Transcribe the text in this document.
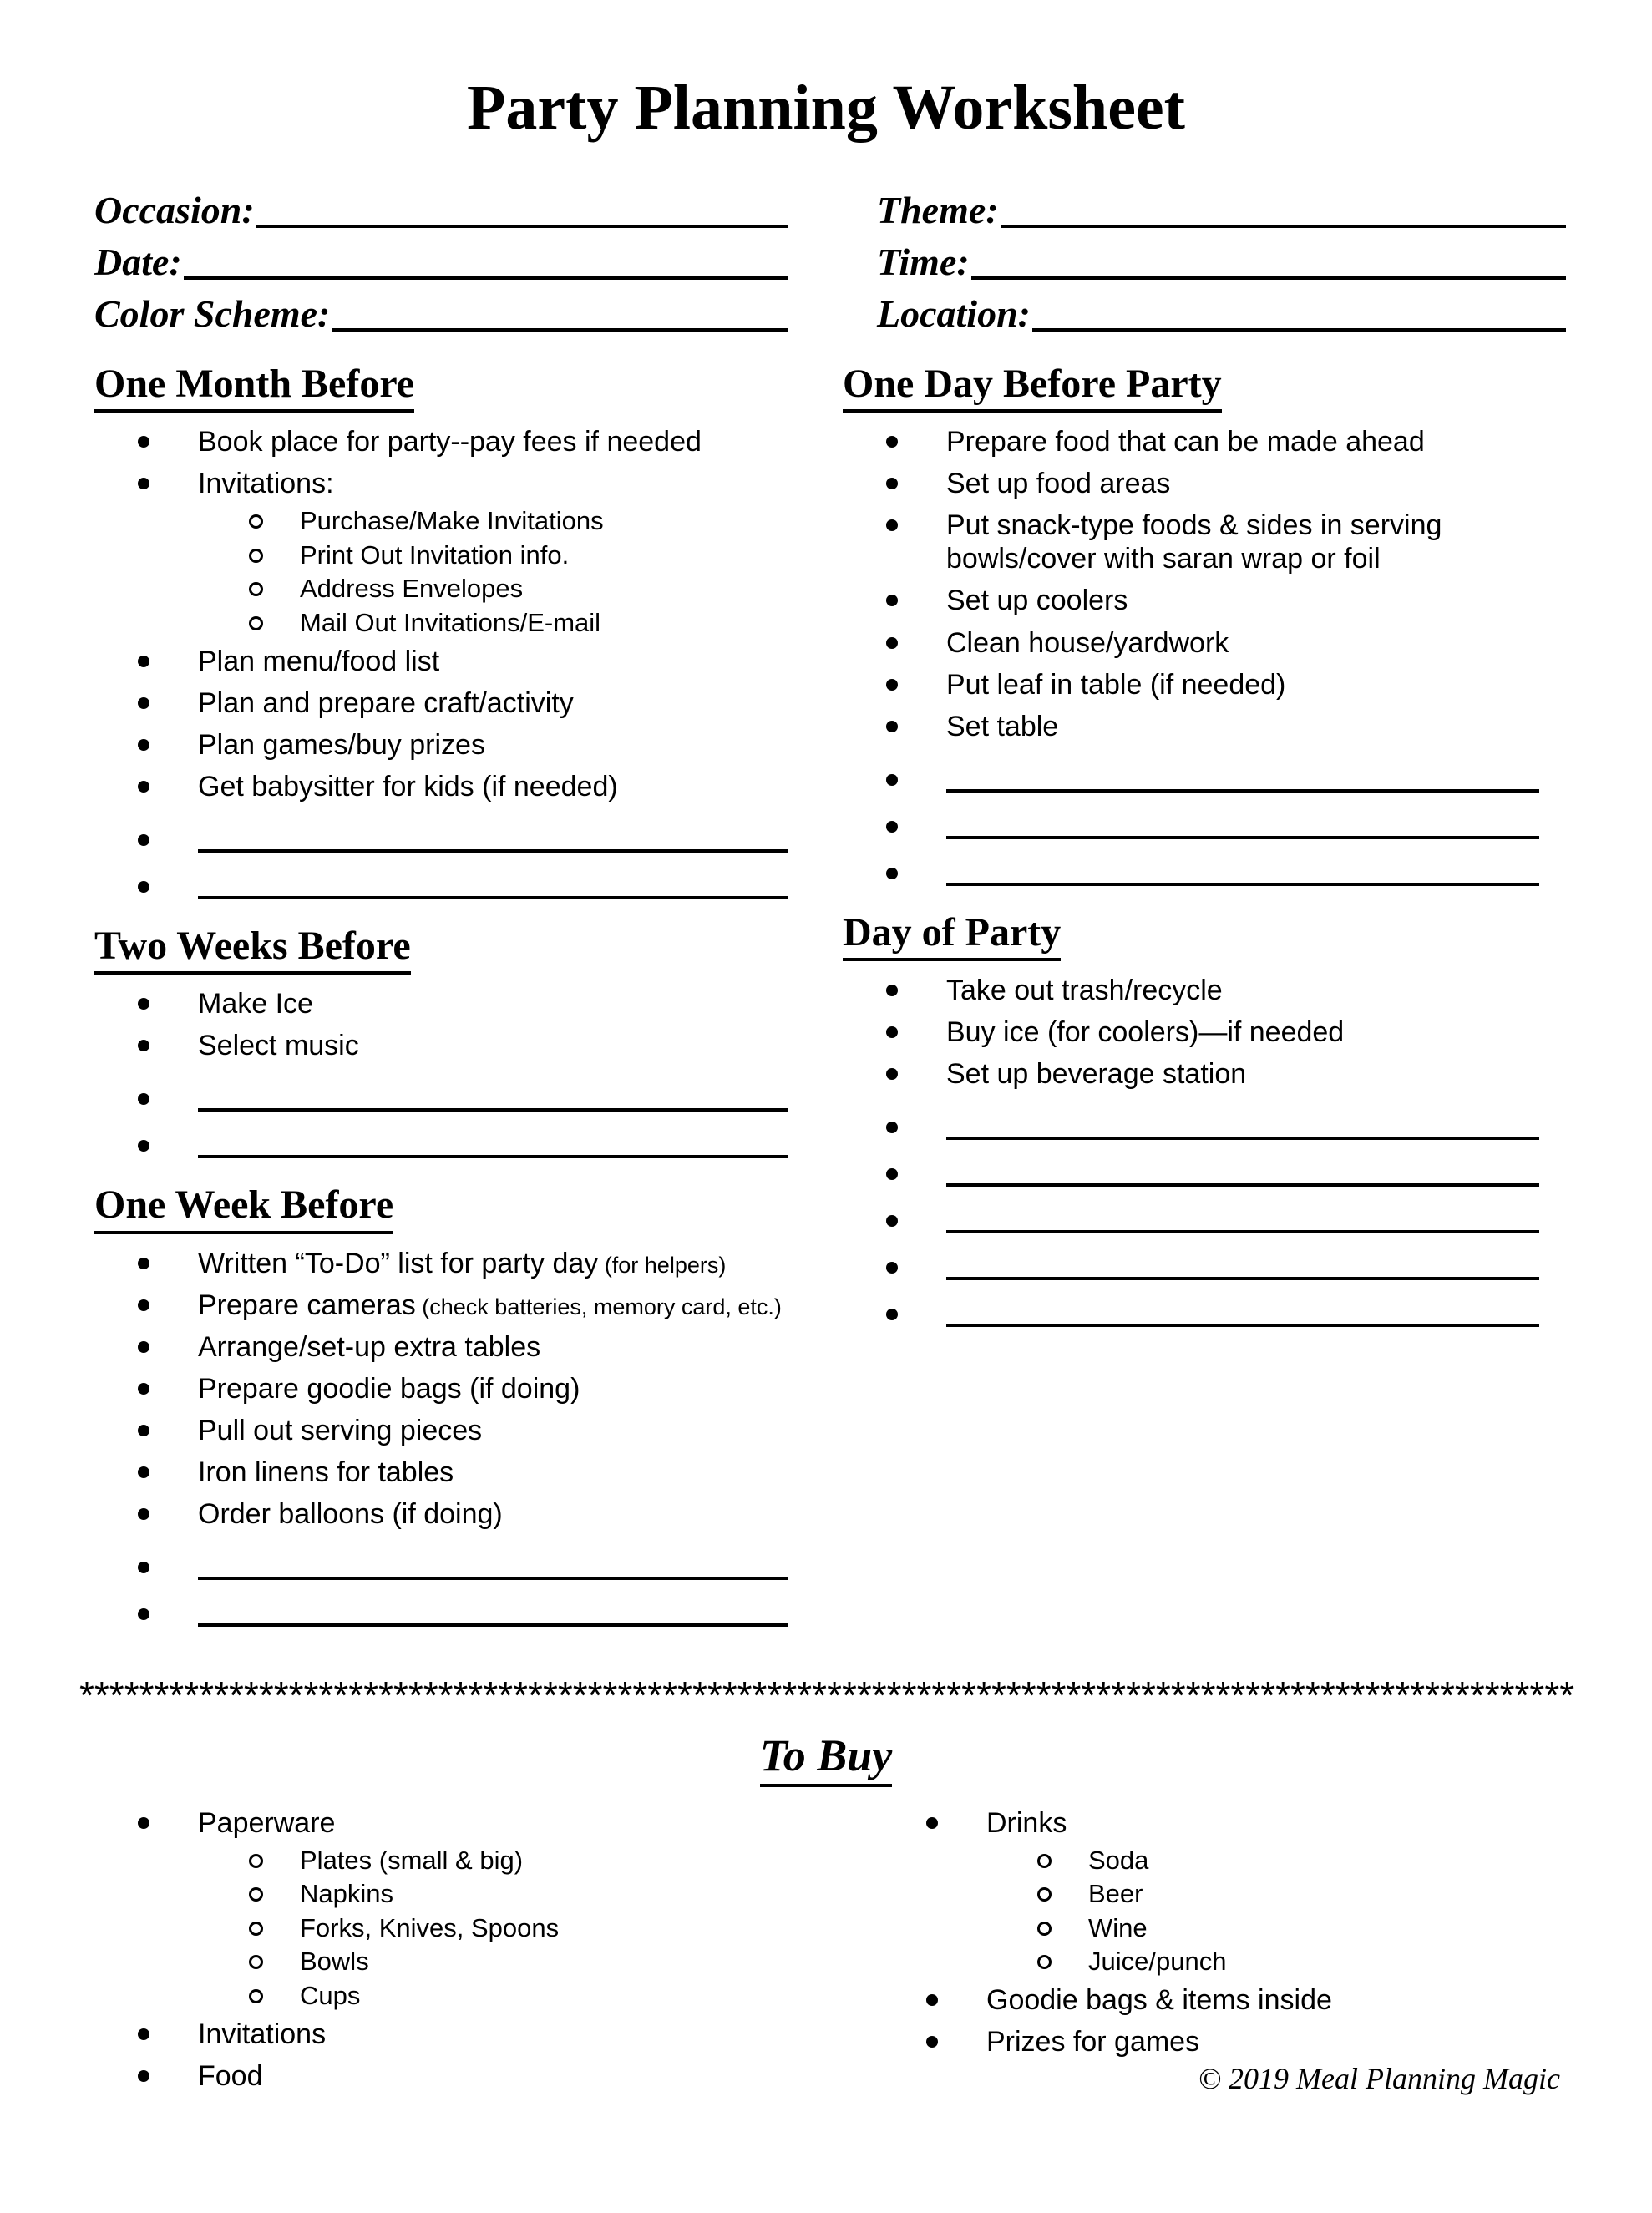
Party Planning Worksheet
Occasion:
Date:
Color Scheme:
Theme:
Time:
Location:
One Month Before
Book place for party--pay fees if needed
Invitations:
Purchase/Make Invitations
Print Out Invitation info.
Address Envelopes
Mail Out Invitations/E-mail
Plan menu/food list
Plan and prepare craft/activity
Plan games/buy prizes
Get babysitter for kids (if needed)
Two Weeks Before
Make Ice
Select music
One Week Before
Written “To-Do” list for party day (for helpers)
Prepare cameras (check batteries, memory card, etc.)
Arrange/set-up extra tables
Prepare goodie bags (if doing)
Pull out serving pieces
Iron linens for tables
Order balloons (if doing)
One Day Before Party
Prepare food that can be made ahead
Set up food areas
Put snack-type foods & sides in serving bowls/cover with saran wrap or foil
Set up coolers
Clean house/yardwork
Put leaf in table (if needed)
Set table
Day of Party
Take out trash/recycle
Buy ice (for coolers)—if needed
Set up beverage station
****************************************************************************************************
To Buy
Paperware
Plates (small & big)
Napkins
Forks, Knives, Spoons
Bowls
Cups
Invitations
Food
Drinks
Soda
Beer
Wine
Juice/punch
Goodie bags & items inside
Prizes for games
© 2019 Meal Planning Magic
